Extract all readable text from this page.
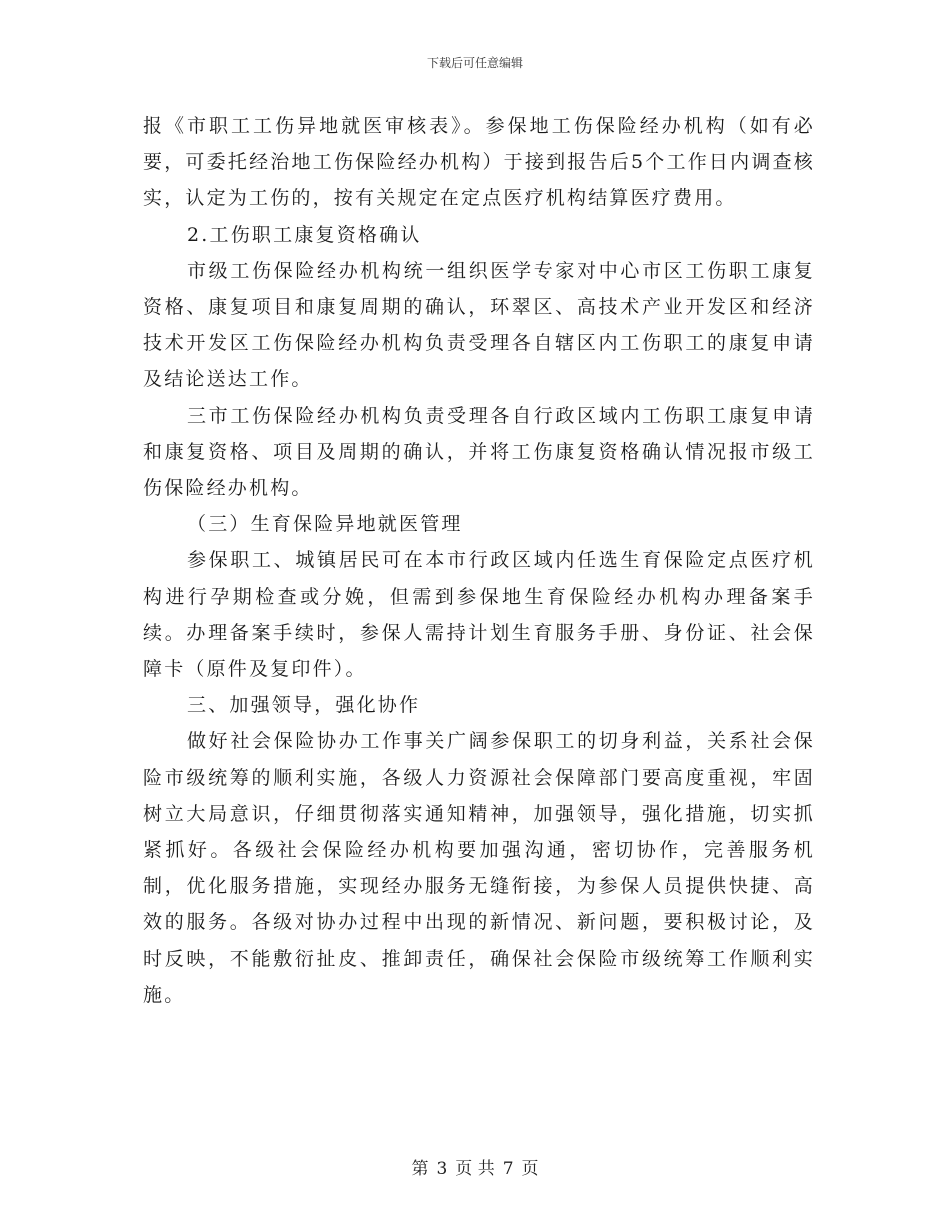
下载后可任意编辑

报《市职工工伤异地就医审核表》。参保地工伤保险经办机构（如有必要，可委托经治地工伤保险经办机构）于接到报告后5个工作日内调查核实，认定为工伤的，按有关规定在定点医疗机构结算医疗费用。

2.工伤职工康复资格确认

市级工伤保险经办机构统一组织医学专家对中心市区工伤职工康复资格、康复项目和康复周期的确认，环翠区、高技术产业开发区和经济技术开发区工伤保险经办机构负责受理各自辖区内工伤职工的康复申请及结论送达工作。

三市工伤保险经办机构负责受理各自行政区域内工伤职工康复申请和康复资格、项目及周期的确认，并将工伤康复资格确认情况报市级工伤保险经办机构。

（三）生育保险异地就医管理

参保职工、城镇居民可在本市行政区域内任选生育保险定点医疗机构进行孕期检查或分娩，但需到参保地生育保险经办机构办理备案手续。办理备案手续时，参保人需持计划生育服务手册、身份证、社会保障卡（原件及复印件）。

三、加强领导，强化协作

做好社会保险协办工作事关广阔参保职工的切身利益，关系社会保险市级统筹的顺利实施，各级人力资源社会保障部门要高度重视，牢固树立大局意识，仔细贯彻落实通知精神，加强领导，强化措施，切实抓紧抓好。各级社会保险经办机构要加强沟通，密切协作，完善服务机制，优化服务措施，实现经办服务无缝衔接，为参保人员提供快捷、高效的服务。各级对协办过程中出现的新情况、新问题，要积极讨论，及时反映，不能敷衍扯皮、推卸责任，确保社会保险市级统筹工作顺利实施。

第 3 页 共 7 页
